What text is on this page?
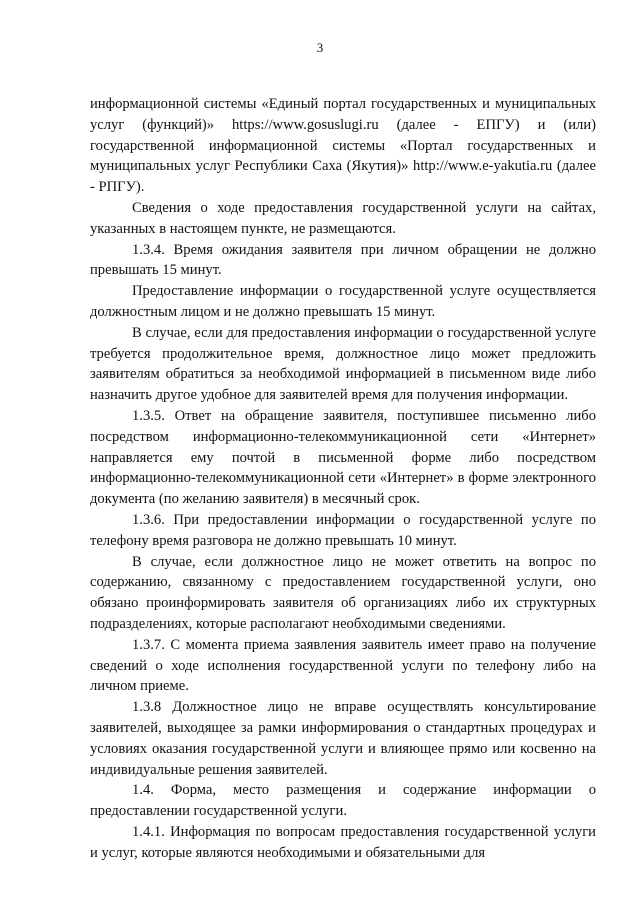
3

информационной системы «Единый портал государственных и муниципальных услуг (функций)» https://www.gosuslugi.ru (далее - ЕПГУ) и (или) государственной информационной системы «Портал государственных и муниципальных услуг Республики Саха (Якутия)» http://www.e-yakutia.ru (далее - РПГУ).

Сведения о ходе предоставления государственной услуги на сайтах, указанных в настоящем пункте, не размещаются.

1.3.4. Время ожидания заявителя при личном обращении не должно превышать 15 минут.

Предоставление информации о государственной услуге осуществляется должностным лицом и не должно превышать 15 минут.

В случае, если для предоставления информации о государственной услуге требуется продолжительное время, должностное лицо может предложить заявителям обратиться за необходимой информацией в письменном виде либо назначить другое удобное для заявителей время для получения информации.

1.3.5. Ответ на обращение заявителя, поступившее письменно либо посредством информационно-телекоммуникационной сети «Интернет» направляется ему почтой в письменной форме либо посредством информационно-телекоммуникационной сети «Интернет» в форме электронного документа (по желанию заявителя) в месячный срок.

1.3.6. При предоставлении информации о государственной услуге по телефону время разговора не должно превышать 10 минут.

В случае, если должностное лицо не может ответить на вопрос по содержанию, связанному с предоставлением государственной услуги, оно обязано проинформировать заявителя об организациях либо их структурных подразделениях, которые располагают необходимыми сведениями.

1.3.7. С момента приема заявления заявитель имеет право на получение сведений о ходе исполнения государственной услуги по телефону либо на личном приеме.

1.3.8 Должностное лицо не вправе осуществлять консультирование заявителей, выходящее за рамки информирования о стандартных процедурах и условиях оказания государственной услуги и влияющее прямо или косвенно на индивидуальные решения заявителей.

1.4. Форма, место размещения и содержание информации о предоставлении государственной услуги.

1.4.1. Информация по вопросам предоставления государственной услуги и услуг, которые являются необходимыми и обязательными для
